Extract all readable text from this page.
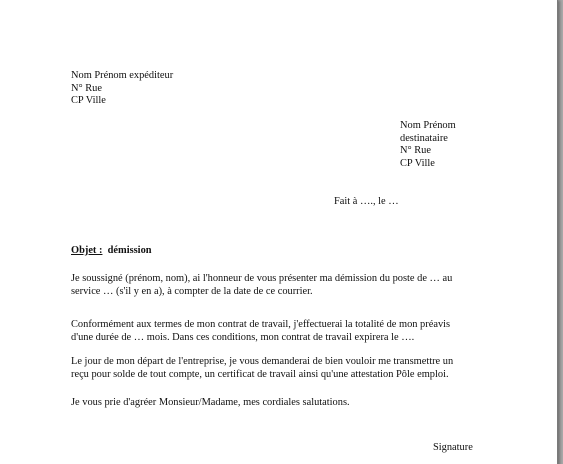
Nom Prénom expéditeur
N° Rue
CP Ville
Nom Prénom
destinataire
N° Rue
CP Ville
Fait à …., le …
Objet : démission
Je soussigné (prénom, nom), ai l'honneur de vous présenter ma démission du poste de … au
service … (s'il y en a), à compter de la date de ce courrier.
Conformément aux termes de mon contrat de travail, j'effectuerai la totalité de mon préavis
d'une durée de … mois. Dans ces conditions, mon contrat de travail expirera le ….
Le jour de mon départ de l'entreprise, je vous demanderai de bien vouloir me transmettre un
reçu pour solde de tout compte, un certificat de travail ainsi qu'une attestation Pôle emploi.
Je vous prie d'agréer Monsieur/Madame, mes cordiales salutations.
Signature
